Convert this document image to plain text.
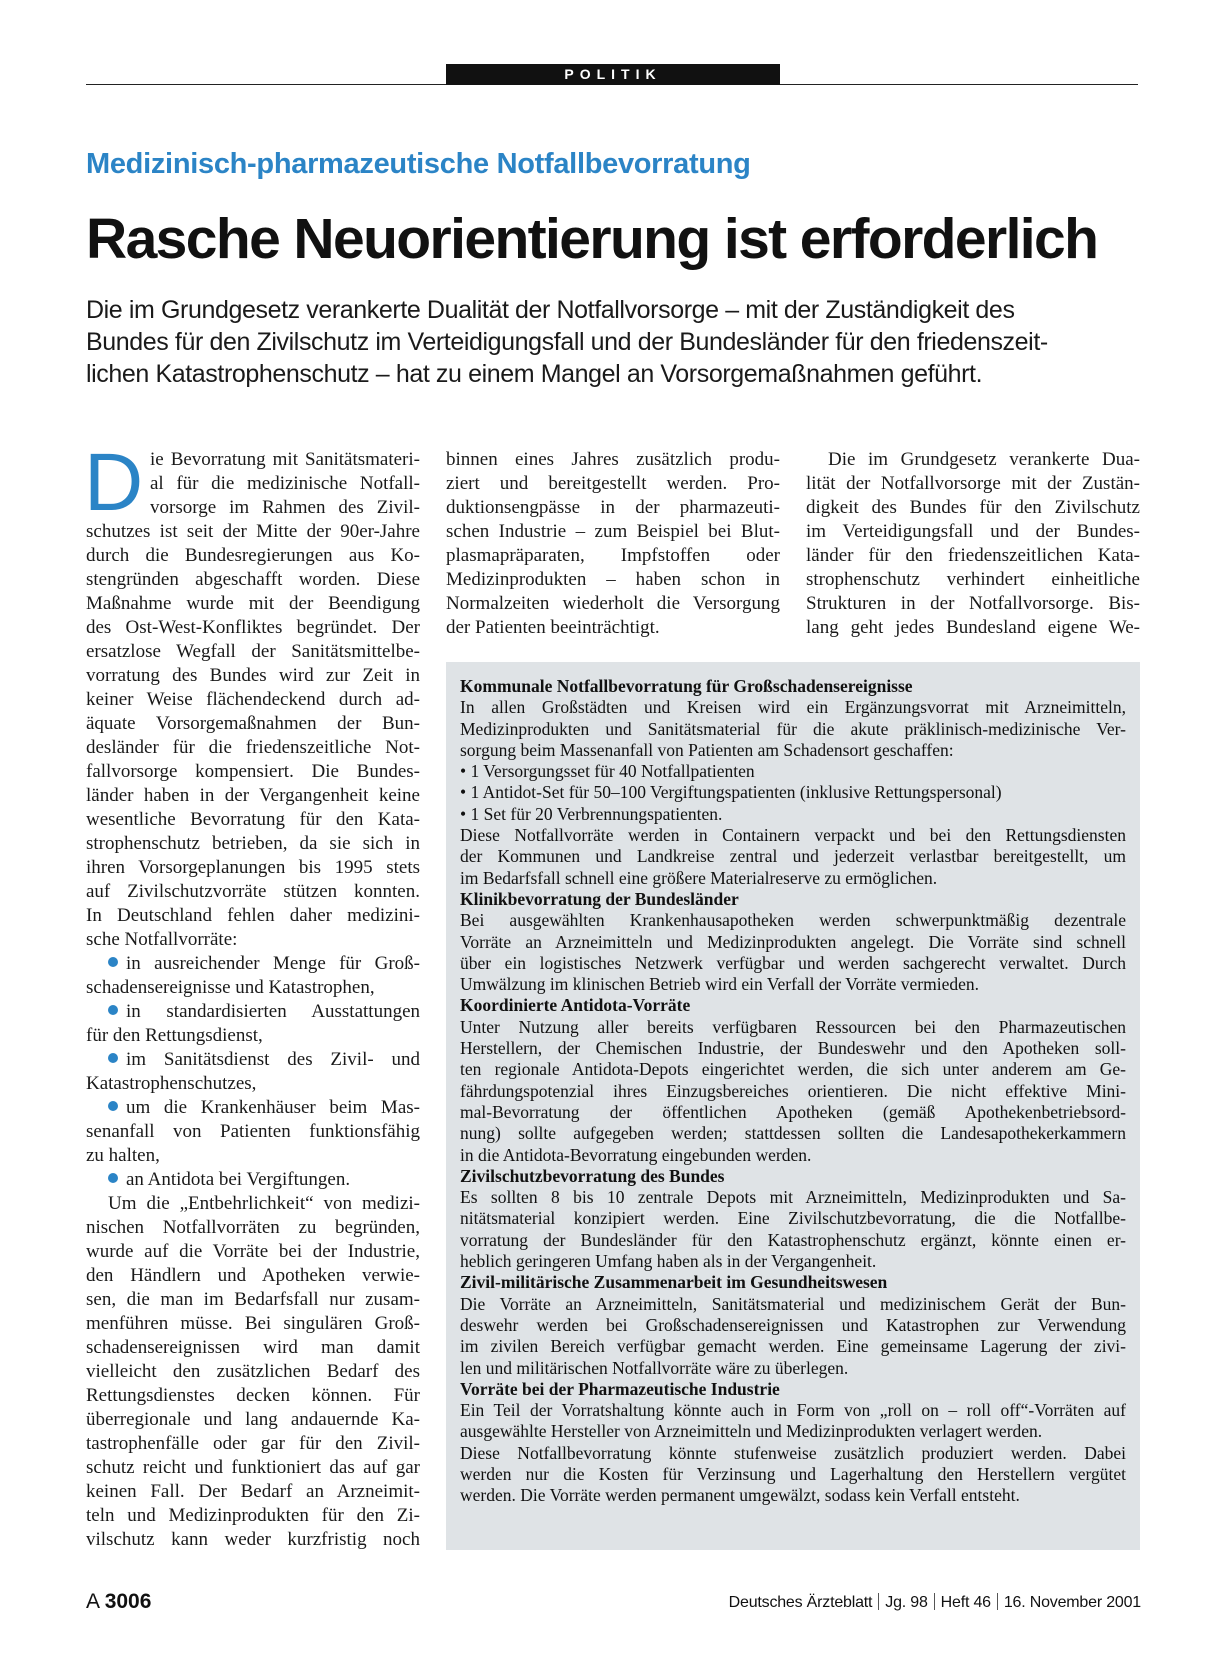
POLITIK
Medizinisch-pharmazeutische Notfallbevorratung
Rasche Neuorientierung ist erforderlich
Die im Grundgesetz verankerte Dualität der Notfallvorsorge – mit der Zuständigkeit des
Bundes für den Zivilschutz im Verteidigungsfall und der Bundesländer für den friedenszeit-
lichen Katastrophenschutz – hat zu einem Mangel an Vorsorgemaßnahmen geführt.
D ie Bevorratung mit Sanitätsmateri-
al für die medizinische Notfall-
vorsorge im Rahmen des Zivil-
schutzes ist seit der Mitte der 90er-Jahre
durch die Bundesregierungen aus Ko-
stengründen abgeschafft worden. Diese
Maßnahme wurde mit der Beendigung
des Ost-West-Konfliktes begründet. Der
ersatzlose Wegfall der Sanitätsmittelbe-
vorratung des Bundes wird zur Zeit in
keiner Weise flächendeckend durch ad-
äquate Vorsorgemaßnahmen der Bun-
desländer für die friedenszeitliche Not-
fallvorsorge kompensiert. Die Bundes-
länder haben in der Vergangenheit keine
wesentliche Bevorratung für den Kata-
strophenschutz betrieben, da sie sich in
ihren Vorsorgeplanungen bis 1995 stets
auf Zivilschutzvorräte stützen konnten.
In Deutschland fehlen daher medizini-
sche Notfallvorräte:
in ausreichender Menge für Groß-
schadensereignisse und Katastrophen,
in standardisierten Ausstattungen
für den Rettungsdienst,
im Sanitätsdienst des Zivil- und
Katastrophenschutzes,
um die Krankenhäuser beim Mas-
senanfall von Patienten funktionsfähig
zu halten,
an Antidota bei Vergiftungen.
Um die „Entbehrlichkeit“ von medizi-
nischen Notfallvorräten zu begründen,
wurde auf die Vorräte bei der Industrie,
den Händlern und Apotheken verwie-
sen, die man im Bedarfsfall nur zusam-
menführen müsse. Bei singulären Groß-
schadensereignissen wird man damit
vielleicht den zusätzlichen Bedarf des
Rettungsdienstes decken können. Für
überregionale und lang andauernde Ka-
tastrophenfälle oder gar für den Zivil-
schutz reicht und funktioniert das auf gar
keinen Fall. Der Bedarf an Arzneimit-
teln und Medizinprodukten für den Zi-
vilschutz kann weder kurzfristig noch
binnen eines Jahres zusätzlich produ-
ziert und bereitgestellt werden. Pro-
duktionsengpässe in der pharmazeuti-
schen Industrie – zum Beispiel bei Blut-
plasmapräparaten, Impfstoffen oder
Medizinprodukten – haben schon in
Normalzeiten wiederholt die Versorgung
der Patienten beeinträchtigt.
Die im Grundgesetz verankerte Dua-
lität der Notfallvorsorge mit der Zustän-
digkeit des Bundes für den Zivilschutz
im Verteidigungsfall und der Bundes-
länder für den friedenszeitlichen Kata-
strophenschutz verhindert einheitliche
Strukturen in der Notfallvorsorge. Bis-
lang geht jedes Bundesland eigene We-
Kommunale Notfallbevorratung für Großschadensereignisse
In allen Großstädten und Kreisen wird ein Ergänzungsvorrat mit Arzneimitteln,
Medizinprodukten und Sanitätsmaterial für die akute präklinisch-medizinische Ver-
sorgung beim Massenanfall von Patienten am Schadensort geschaffen:
• 1 Versorgungsset für 40 Notfallpatienten
• 1 Antidot-Set für 50–100 Vergiftungspatienten (inklusive Rettungspersonal)
• 1 Set für 20 Verbrennungspatienten.
Diese Notfallvorräte werden in Containern verpackt und bei den Rettungsdiensten
der Kommunen und Landkreise zentral und jederzeit verlastbar bereitgestellt, um
im Bedarfsfall schnell eine größere Materialreserve zu ermöglichen.
Klinikbevorratung der Bundesländer
Bei ausgewählten Krankenhausapotheken werden schwerpunktmäßig dezentrale
Vorräte an Arzneimitteln und Medizinprodukten angelegt. Die Vorräte sind schnell
über ein logistisches Netzwerk verfügbar und werden sachgerecht verwaltet. Durch
Umwälzung im klinischen Betrieb wird ein Verfall der Vorräte vermieden.
Koordinierte Antidota-Vorräte
Unter Nutzung aller bereits verfügbaren Ressourcen bei den Pharmazeutischen
Herstellern, der Chemischen Industrie, der Bundeswehr und den Apotheken soll-
ten regionale Antidota-Depots eingerichtet werden, die sich unter anderem am Ge-
fährdungspotenzial ihres Einzugsbereiches orientieren. Die nicht effektive Mini-
mal-Bevorratung der öffentlichen Apotheken (gemäß Apothekenbetriebsord-
nung) sollte aufgegeben werden; stattdessen sollten die Landesapothekerkammern
in die Antidota-Bevorratung eingebunden werden.
Zivilschutzbevorratung des Bundes
Es sollten 8 bis 10 zentrale Depots mit Arzneimitteln, Medizinprodukten und Sa-
nitätsmaterial konzipiert werden. Eine Zivilschutzbevorratung, die die Notfallbe-
vorratung der Bundesländer für den Katastrophenschutz ergänzt, könnte einen er-
heblich geringeren Umfang haben als in der Vergangenheit.
Zivil-militärische Zusammenarbeit im Gesundheitswesen
Die Vorräte an Arzneimitteln, Sanitätsmaterial und medizinischem Gerät der Bun-
deswehr werden bei Großschadensereignissen und Katastrophen zur Verwendung
im zivilen Bereich verfügbar gemacht werden. Eine gemeinsame Lagerung der zivi-
len und militärischen Notfallvorräte wäre zu überlegen.
Vorräte bei der Pharmazeutische Industrie
Ein Teil der Vorratshaltung könnte auch in Form von „roll on – roll off“-Vorräten auf
ausgewählte Hersteller von Arzneimitteln und Medizinprodukten verlagert werden.
Diese Notfallbevorratung könnte stufenweise zusätzlich produziert werden. Dabei
werden nur die Kosten für Verzinsung und Lagerhaltung den Herstellern vergütet
werden. Die Vorräte werden permanent umgewälzt, sodass kein Verfall entsteht.
A 3006	Deutsches Ärzteblatt Jg. 98 Heft 46 16. November 2001
